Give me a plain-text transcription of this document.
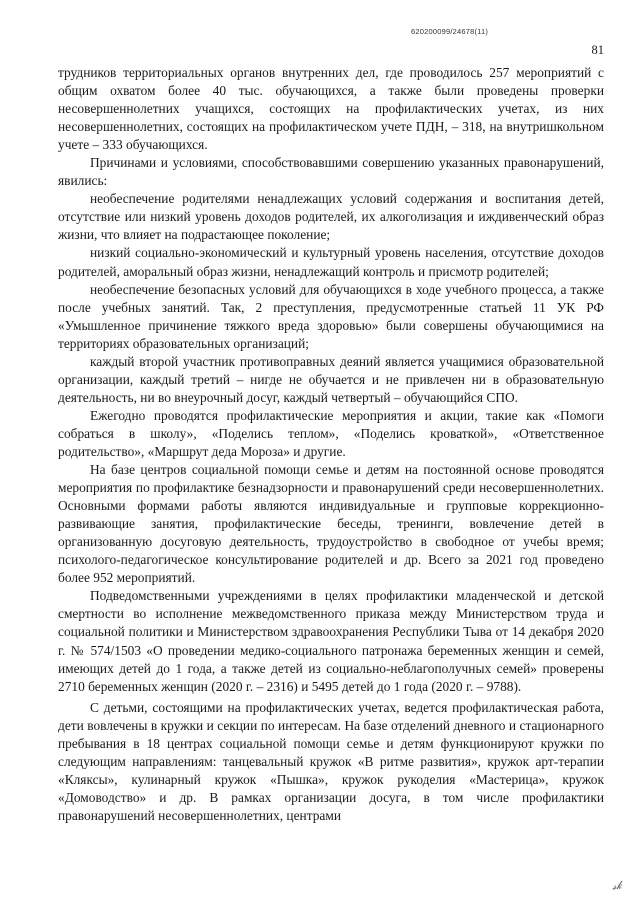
620200099/24678(11)
81

трудников территориальных органов внутренних дел, где проводилось 257 мероприятий с общим охватом более 40 тыс. обучающихся, а также были проведены проверки несовершеннолетних учащихся, состоящих на профилактических учетах, из них несовершеннолетних, состоящих на профилактическом учете ПДН, – 318, на внутришкольном учете – 333 обучающихся.

Причинами и условиями, способствовавшими совершению указанных правонарушений, явились:

необеспечение родителями ненадлежащих условий содержания и воспитания детей, отсутствие или низкий уровень доходов родителей, их алкоголизация и иждивенческий образ жизни, что влияет на подрастающее поколение;

низкий социально-экономический и культурный уровень населения, отсутствие доходов родителей, аморальный образ жизни, ненадлежащий контроль и присмотр родителей;

необеспечение безопасных условий для обучающихся в ходе учебного процесса, а также после учебных занятий. Так, 2 преступления, предусмотренные статьей 11 УК РФ «Умышленное причинение тяжкого вреда здоровью» были совершены обучающимися на территориях образовательных организаций;

каждый второй участник противоправных деяний является учащимися образовательной организации, каждый третий – нигде не обучается и не привлечен ни в образовательную деятельность, ни во внеурочный досуг, каждый четвертый – обучающийся СПО.

Ежегодно проводятся профилактические мероприятия и акции, такие как «Помоги собраться в школу», «Поделись теплом», «Поделись кроваткой», «Ответственное родительство», «Маршрут деда Мороза» и другие.

На базе центров социальной помощи семье и детям на постоянной основе проводятся мероприятия по профилактике безнадзорности и правонарушений среди несовершеннолетних. Основными формами работы являются индивидуальные и групповые коррекционно-развивающие занятия, профилактические беседы, тренинги, вовлечение детей в организованную досуговую деятельность, трудоустройство в свободное от учебы время; психолого-педагогическое консультирование родителей и др. Всего за 2021 год проведено более 952 мероприятий.

Подведомственными учреждениями в целях профилактики младенческой и детской смертности во исполнение межведомственного приказа между Министерством труда и социальной политики и Министерством здравоохранения Республики Тыва от 14 декабря 2020 г. № 574/1503 «О проведении медико-социального патронажа беременных женщин и семей, имеющих детей до 1 года, а также детей из социально-неблагополучных семей» проверены 2710 беременных женщин (2020 г. – 2316) и 5495 детей до 1 года (2020 г. – 9788).

С детьми, состоящими на профилактических учетах, ведется профилактическая работа, дети вовлечены в кружки и секции по интересам. На базе отделений дневного и стационарного пребывания в 18 центрах социальной помощи семье и детям функционируют кружки по следующим направлениям: танцевальный кружок «В ритме развития», кружок арт-терапии «Кляксы», кулинарный кружок «Пышка», кружок рукоделия «Мастерица», кружок «Домоводство» и др. В рамках организации досуга, в том числе профилактики правонарушений несовершеннолетних, центрами

𝓈𝓀
